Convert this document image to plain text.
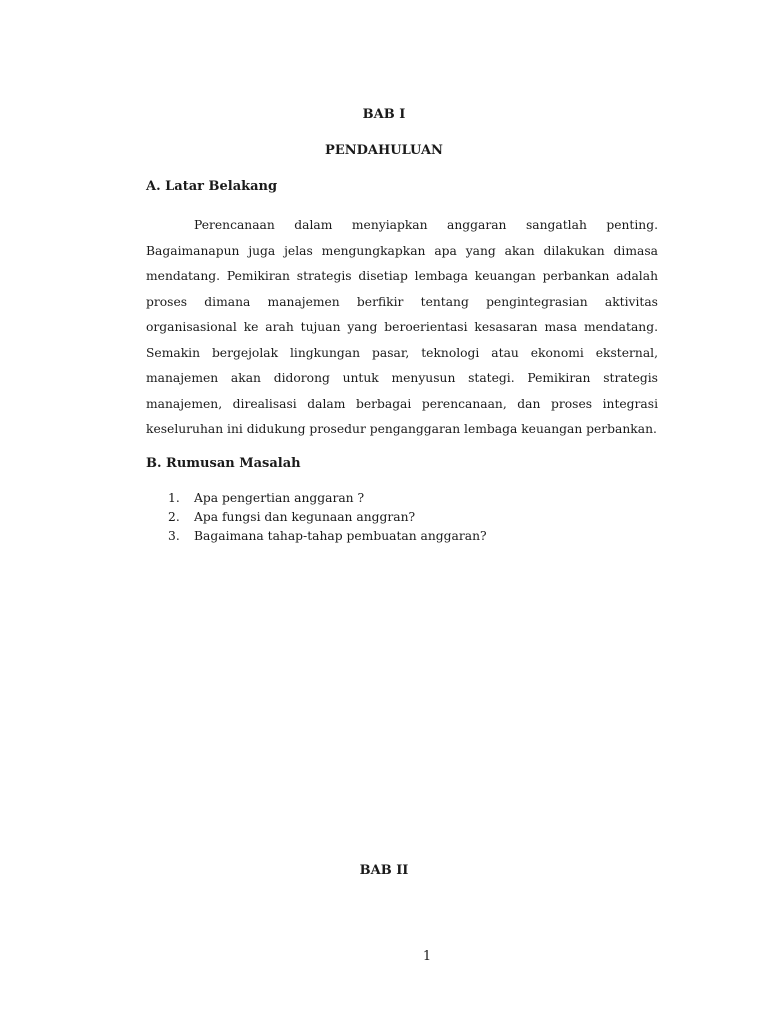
BAB I
PENDAHULUAN
A. Latar Belakang

Perencanaan dalam menyiapkan anggaran sangatlah penting. Bagaimanapun juga jelas mengungkapkan apa yang akan dilakukan dimasa mendatang. Pemikiran strategis disetiap lembaga keuangan perbankan adalah proses dimana manajemen berfikir tentang pengintegrasian aktivitas organisasional ke arah tujuan yang beroerientasi kesasaran masa mendatang. Semakin bergejolak lingkungan pasar, teknologi atau ekonomi eksternal, manajemen akan didorong untuk menyusun stategi. Pemikiran strategis manajemen, direalisasi dalam berbagai perencanaan, dan proses integrasi keseluruhan ini didukung prosedur penganggaran lembaga keuangan perbankan.

B. Rumusan Masalah
1.	Apa pengertian anggaran ?
2.	Apa fungsi dan kegunaan anggran?
3.	Bagaimana tahap-tahap pembuatan anggaran?
BAB II
1
